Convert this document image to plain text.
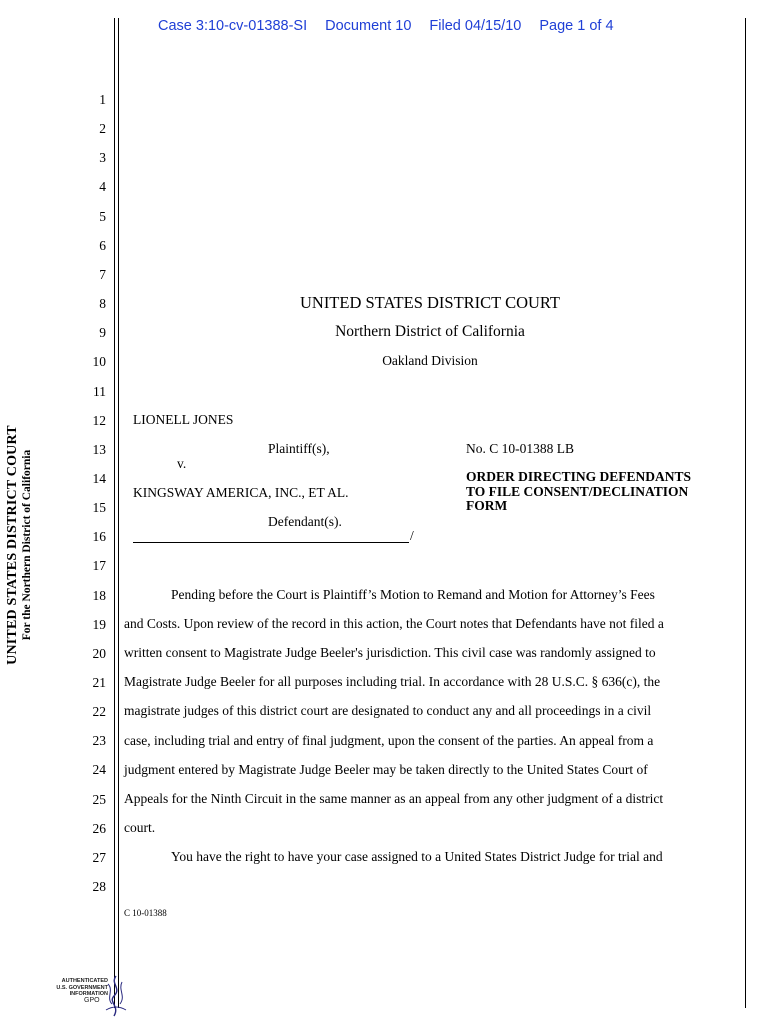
Case 3:10-cv-01388-SI Document 10 Filed 04/15/10 Page 1 of 4
UNITED STATES DISTRICT COURT For the Northern District of California
1
2
3
4
5
6
7
8
9
10
11
12
13
14
15
16
17
18
19
20
21
22
23
24
25
26
27
28
UNITED STATES DISTRICT COURT
Northern District of California
Oakland Division
LIONELL JONES
Plaintiff(s),
v.
KINGSWAY AMERICA, INC., ET AL.
Defendant(s).
/
No. C 10-01388 LB
ORDER DIRECTING DEFENDANTS
TO FILE CONSENT/DECLINATION
FORM
Pending before the Court is Plaintiff’s Motion to Remand and Motion for Attorney’s Fees
and Costs. Upon review of the record in this action, the Court notes that Defendants have not filed a
written consent to Magistrate Judge Beeler's jurisdiction. This civil case was randomly assigned to
Magistrate Judge Beeler for all purposes including trial. In accordance with 28 U.S.C. § 636(c), the
magistrate judges of this district court are designated to conduct any and all proceedings in a civil
case, including trial and entry of final judgment, upon the consent of the parties. An appeal from a
judgment entered by Magistrate Judge Beeler may be taken directly to the United States Court of
Appeals for the Ninth Circuit in the same manner as an appeal from any other judgment of a district
court.
You have the right to have your case assigned to a United States District Judge for trial and
C 10-01388
AUTHENTICATED
U.S. GOVERNMENT
INFORMATION
GPO
